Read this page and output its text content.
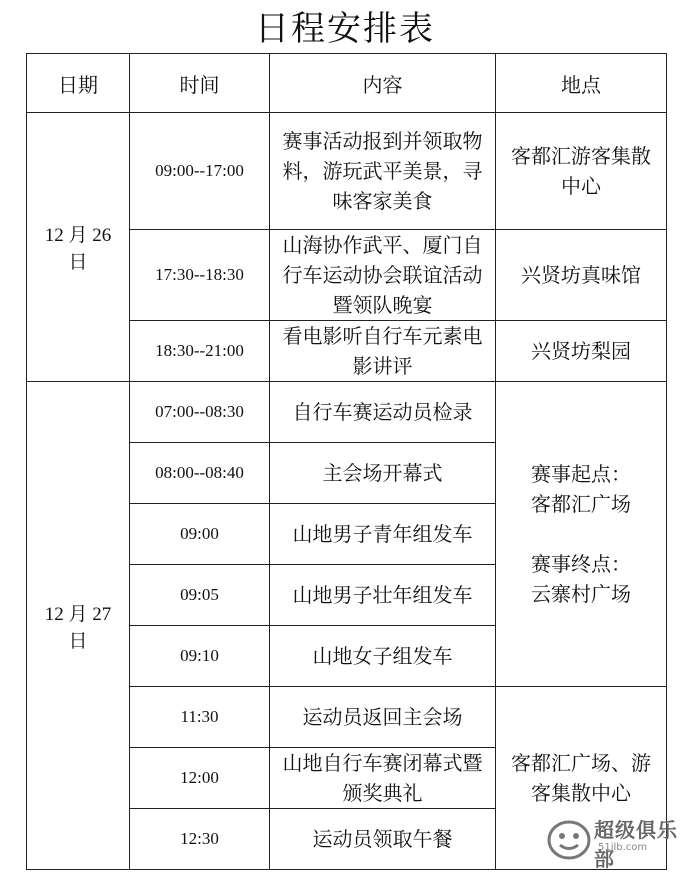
日程安排表
日期	时间	内容	地点
12 月 26 日	09:00--17:00	赛事活动报到并领取物料，游玩武平美景，寻味客家美食	客都汇游客集散中心
	17:30--18:30	山海协作武平、厦门自行车运动协会联谊活动暨领队晚宴	兴贤坊真味馆
	18:30--21:00	看电影听自行车元素电影讲评	兴贤坊梨园
12 月 27 日	07:00--08:30	自行车赛运动员检录	赛事起点：
客都汇广场
赛事终点：
云寨村广场

	08:00--08:40	主会场开幕式	
	09:00	山地男子青年组发车	
	09:05	山地男子壮年组发车	
	09:10	山地女子组发车	
	11:30	运动员返回主会场	客都汇广场、游客集散中心
	12:00	山地自行车赛闭幕式暨颁奖典礼	
	12:30	运动员领取午餐		超级俱乐部
51jlb.com
